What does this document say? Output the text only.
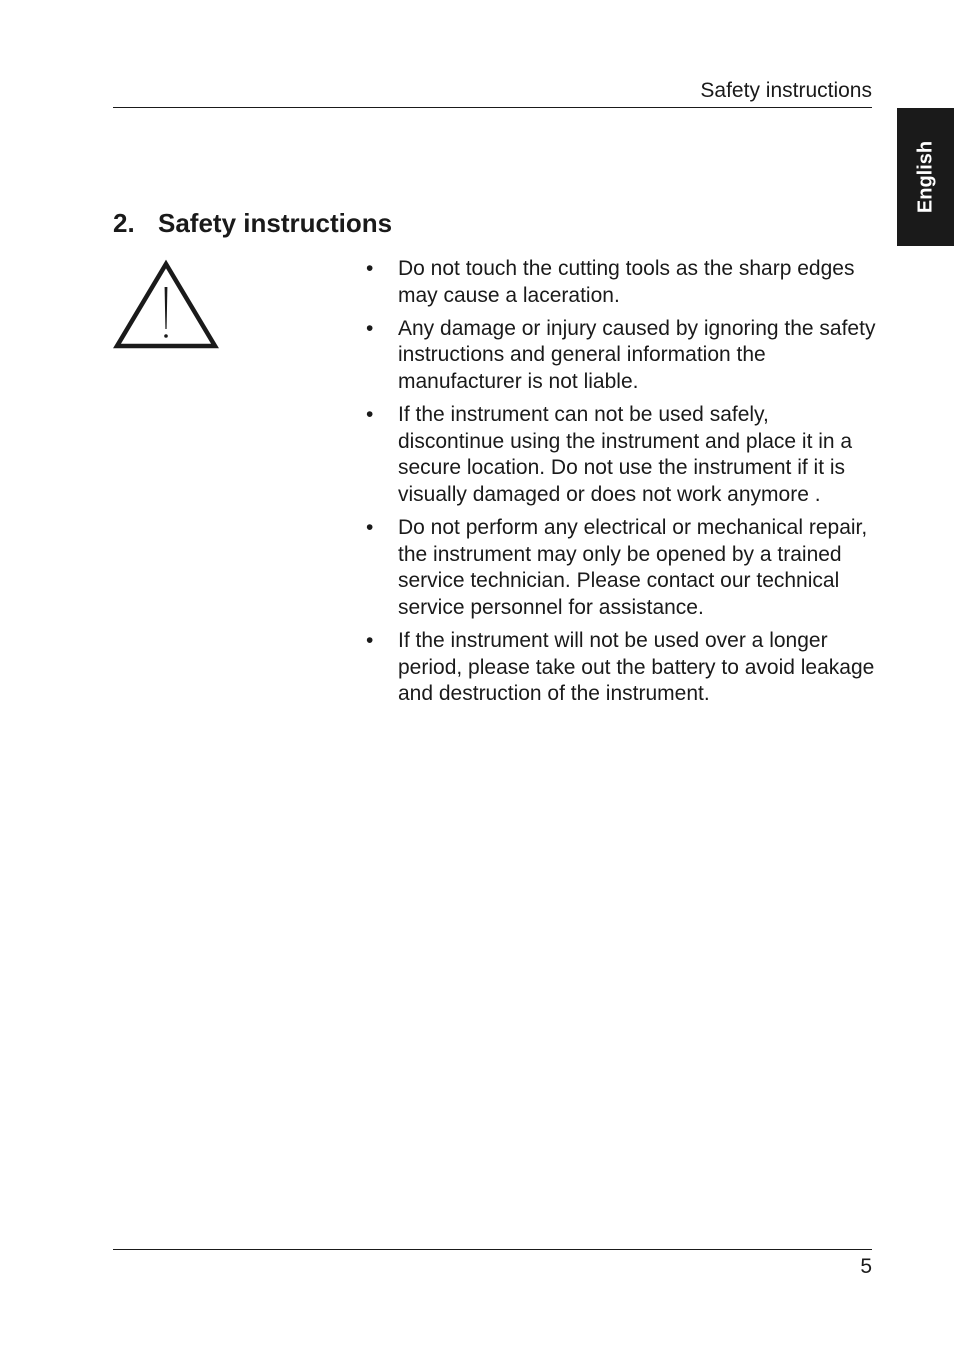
Safety instructions
English
2. Safety instructions
• Do not touch the cutting tools as the sharp edges may cause a laceration.
• Any damage or injury caused by ignoring the safety instructions and general information the manufacturer is not liable.
• If the instrument can not be used safely, discontinue using the instrument and place it in a secure location. Do not use the instrument if it is visually damaged or does not work anymore .
• Do not perform any electrical or mechanical repair, the instrument may only be opened by a trained service technician. Please contact our technical service personnel for assistance.
• If the instrument will not be used over a longer period, please take out the battery to avoid leakage and destruction of the instrument.
5
